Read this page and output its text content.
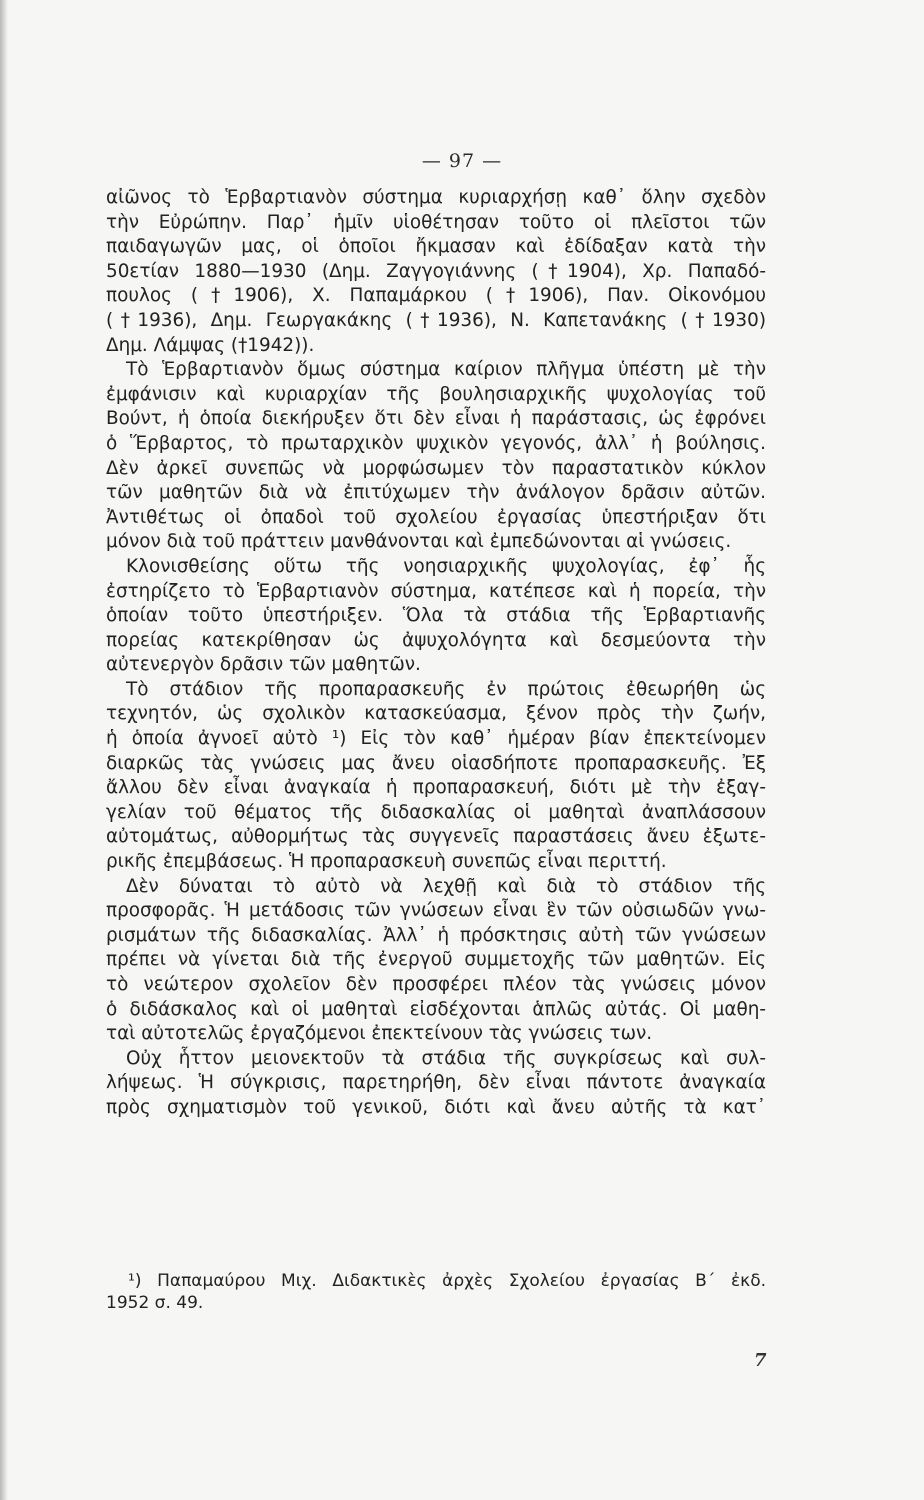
— 97 —
αἰῶνος τὸ Ἑρβαρτιανὸν σύστημα κυριαρχήσῃ καθ᾿ ὅλην σχεδὸν
τὴν Εὐρώπην. Παρ᾿ ἡμῖν υἱοθέτησαν τοῦτο οἱ πλεῖστοι τῶν
παιδαγωγῶν μας, οἱ ὁποῖοι ἤκμασαν καὶ ἐδίδαξαν κατὰ τὴν
50ετίαν 1880—1930 (Δημ. Ζαγγογιάννης (†1904), Χρ. Παπαδό-
πουλος (†1906), Χ. Παπαμάρκου (†1906), Παν. Οἰκονόμου
(†1936), Δημ. Γεωργακάκης (†1936), Ν. Καπετανάκης (†1930)
Δημ. Λάμψας (†1942)).
Τὸ Ἑρβαρτιανὸν ὅμως σύστημα καίριον πλῆγμα ὑπέστη μὲ τὴν
ἐμφάνισιν καὶ κυριαρχίαν τῆς βουλησιαρχικῆς ψυχολογίας τοῦ
Βούντ, ἡ ὁποία διεκήρυξεν ὅτι δὲν εἶναι ἡ παράστασις, ὡς ἐφρόνει
ὁ Ἕρβαρτος, τὸ πρωταρχικὸν ψυχικὸν γεγονός, ἀλλ᾿ ἡ βούλησις.
Δὲν ἀρκεῖ συνεπῶς νὰ μορφώσωμεν τὸν παραστατικὸν κύκλον
τῶν μαθητῶν διὰ νὰ ἐπιτύχωμεν τὴν ἀνάλογον δρᾶσιν αὐτῶν.
Ἀντιθέτως οἱ ὀπαδοὶ τοῦ σχολείου ἐργασίας ὑπεστήριξαν ὅτι
μόνον διὰ τοῦ πράττειν μανθάνονται καὶ ἐμπεδώνονται αἱ γνώσεις.
Κλονισθείσης οὕτω τῆς νοησιαρχικῆς ψυχολογίας, ἐφ᾿ ἧς
ἐστηρίζετο τὸ Ἑρβαρτιανὸν σύστημα, κατέπεσε καὶ ἡ πορεία, τὴν
ὁποίαν τοῦτο ὑπεστήριξεν. Ὅλα τὰ στάδια τῆς Ἑρβαρτιανῆς
πορείας κατεκρίθησαν ὡς ἀψυχολόγητα καὶ δεσμεύοντα τὴν
αὐτενεργὸν δρᾶσιν τῶν μαθητῶν.
Τὸ στάδιον τῆς προπαρασκευῆς ἐν πρώτοις ἐθεωρήθη ὡς
τεχνητόν, ὡς σχολικὸν κατασκεύασμα, ξένον πρὸς τὴν ζωήν,
ἡ ὁποία ἀγνοεῖ αὐτὸ ¹) Εἰς τὸν καθ᾿ ἡμέραν βίαν ἐπεκτείνομεν
διαρκῶς τὰς γνώσεις μας ἄνευ οἱασδήποτε προπαρασκευῆς. Ἐξ
ἄλλου δὲν εἶναι ἀναγκαία ἡ προπαρασκευή, διότι μὲ τὴν ἐξαγ-
γελίαν τοῦ θέματος τῆς διδασκαλίας οἱ μαθηταὶ ἀναπλάσσουν
αὐτομάτως, αὐθορμήτως τὰς συγγενεῖς παραστάσεις ἄνευ ἐξωτε-
ρικῆς ἐπεμβάσεως. Ἡ προπαρασκευὴ συνεπῶς εἶναι περιττή.
Δὲν δύναται τὸ αὐτὸ νὰ λεχθῇ καὶ διὰ τὸ στάδιον τῆς
προσφορᾶς. Ἡ μετάδοσις τῶν γνώσεων εἶναι ἓν τῶν οὐσιωδῶν γνω-
ρισμάτων τῆς διδασκαλίας. Ἀλλ᾿ ἡ πρόσκτησις αὐτὴ τῶν γνώσεων
πρέπει νὰ γίνεται διὰ τῆς ἐνεργοῦ συμμετοχῆς τῶν μαθητῶν. Εἰς
τὸ νεώτερον σχολεῖον δὲν προσφέρει πλέον τὰς γνώσεις μόνον
ὁ διδάσκαλος καὶ οἱ μαθηταὶ εἰσδέχονται ἁπλῶς αὐτάς. Οἱ μαθη-
ταὶ αὐτοτελῶς ἐργαζόμενοι ἐπεκτείνουν τὰς γνώσεις των.
Οὐχ ἧττον μειονεκτοῦν τὰ στάδια τῆς συγκρίσεως καὶ συλ-
λήψεως. Ἡ σύγκρισις, παρετηρήθη, δὲν εἶναι πάντοτε ἀναγκαία
πρὸς σχηματισμὸν τοῦ γενικοῦ, διότι καὶ ἄνευ αὐτῆς τὰ κατ᾿
¹) Παπαμαύρου Μιχ. Διδακτικὲς ἀρχὲς Σχολείου ἐργασίας Β΄ ἐκδ.
1952 σ. 49.
7
